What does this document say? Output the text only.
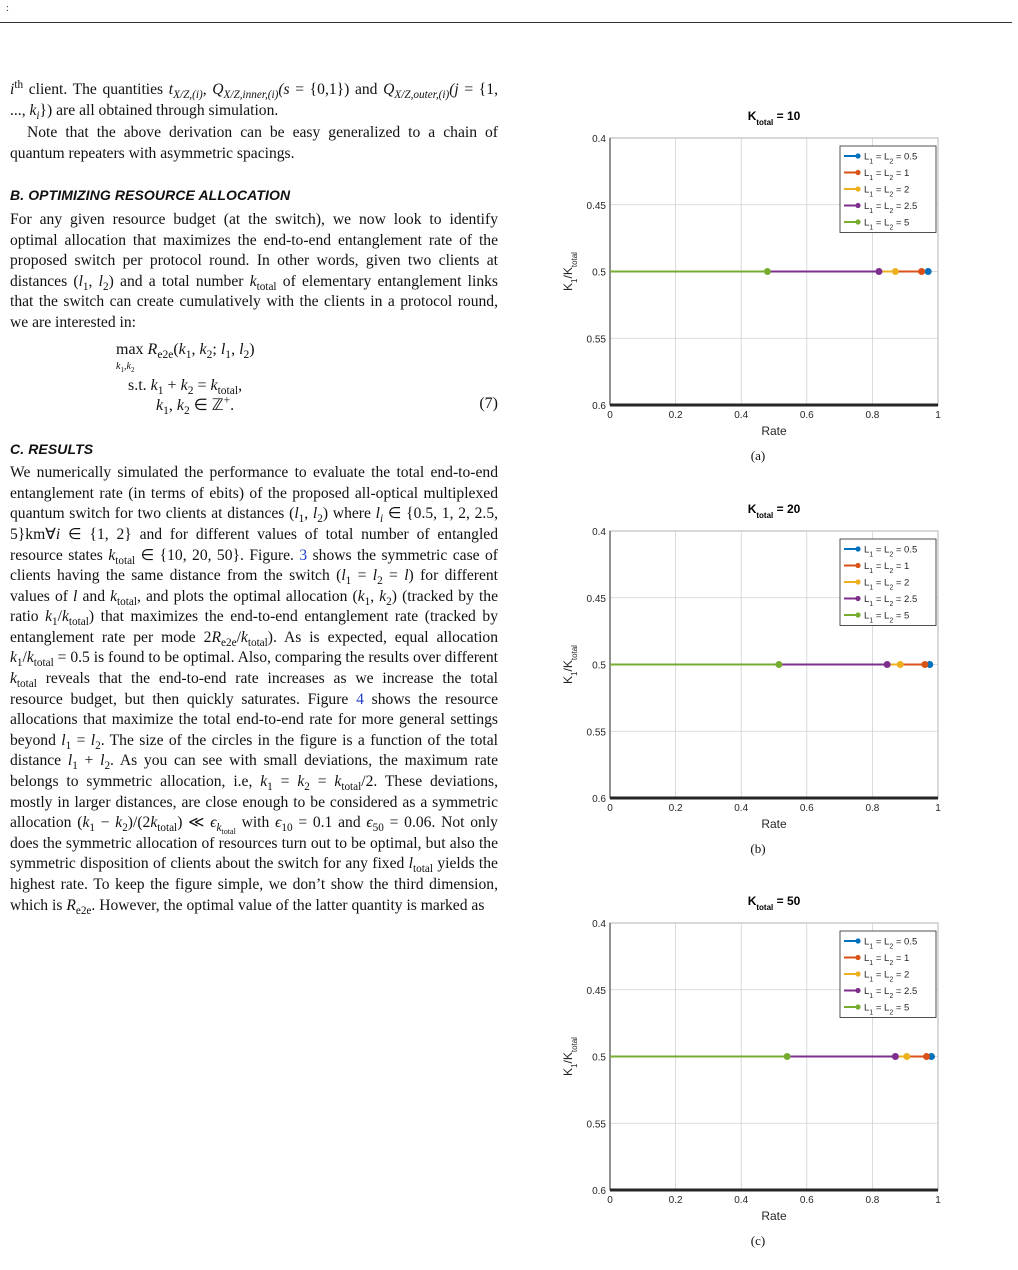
:

$i^{th}$ client. The quantities $t_{X/Z,(i)}$, $Q_{X/Z,inner,(i)}(s = \{0,1\})$ and $Q_{X/Z,outer,(i)}(j = \{1$, ..., $k_i$}) are all obtained through simulation.

Note that the above derivation can be easy generalized to a chain of quantum repeaters with asymmetric spacings.

B. OPTIMIZING RESOURCE ALLOCATION

For any given resource budget (at the switch), we now look to identify optimal allocation that maximizes the end-to-end entanglement rate of the proposed switch per protocol round. In other words, given two clients at distances ($l_1$, $l_2$) and a total number $k_{total}$ of elementary entanglement links that the switch can create cumulatively with the clients in a protocol round, we are interested in:

$\max R_{e2e}(k_1$, $k_2$; $l_1$, $l_2$)
$k_1,k_2$
s.t. $k_1 + k_2 = k_{total}$,
$k_1$, $k_2$ ∈ ℤ+.	(7)
C. RESULTS

We numerically simulated the performance to evaluate the total end-to-end entanglement rate (in terms of ebits) of the proposed all-optical multiplexed quantum switch for two clients at distances ($l_1$, $l_2$) where $l_i$ ∈ {0.5, 1, 2, 2.5, 5}km∀i ∈ {1, 2} and for different values of total number of entangled resource states $k_{total}$ ∈ {10, 20, 50}. Figure. 3 shows the symmetric case of clients having the same distance from the switch $(l_1 = l_2 = l)$ for different values of l and $k_{total}$, and plots the optimal allocation ($k_1$, $k_2$) (tracked by the ratio $k_1/k_{total}$) that maximizes the end-to-end entanglement rate (tracked by entanglement rate per mode $2R_{e2e}/k_{total}$). As is expected, equal allocation $k_1/k_{total} = 0.5$ is found to be optimal. Also, comparing the results over different $k_{total}$ reveals that the end-to-end rate increases as we increase the total resource budget, but then quickly saturates. Figure 4 shows the resource allocations that maximize the total end-to-end rate for more general settings beyond $l_1 = l_2$. The size of the circles in the figure is a function of the total distance $l_1 + l_2$. As you can see with small deviations, the maximum rate belongs to symmetric allocation, i.e, $k_1 = k_2 = k_{total}/2$. These deviations, mostly in larger distances, are close enough to be considered as a symmetric allocation $(k_1 - k_2)/(2k_{total})$ ≪ $\epsilon_{k_{total}}$ with $\epsilon_{10} = 0.1$ and $\epsilon_{50} = 0.06$. Not only does the symmetric allocation of resources turn out to be optimal, but also the symmetric disposition of clients about the switch for any fixed $l_{total}$ yields the highest rate. To keep the figure simple, we don’t show the third dimension, which is $R_{e2e}$. However, the optimal value of the latter quantity is marked as

$K_{total} = 10$
0	0.2	0.4	0.6	0.8	1
0.4
0.45
0.5
0.55
0.6
Rate
$K_1/K_{total}$
$L_1 = L_2 = 0.5$
$L_1 = L_2 = 1$
$L_1 = L_2 = 2$
$L_1 = L_2 = 2.5$
$L_1 = L_2 = 5$
(a)
$K_{total} = 20$
0	0.2	0.4	0.6	0.8	1
0.4
0.45
0.5
0.55
0.6
Rate
$K_1/K_{total}$
$L_1 = L_2 = 0.5$
$L_1 = L_2 = 1$
$L_1 = L_2 = 2$
$L_1 = L_2 = 2.5$
$L_1 = L_2 = 5$
(b)
$K_{total} = 50$
0	0.2	0.4	0.6	0.8	1
0.4
0.45
0.5
0.55
0.6
Rate
$K_1/K_{total}$
$L_1 = L_2 = 0.5$
$L_1 = L_2 = 1$
$L_1 = L_2 = 2$
$L_1 = L_2 = 2.5$
$L_1 = L_2 = 5$
(c)
